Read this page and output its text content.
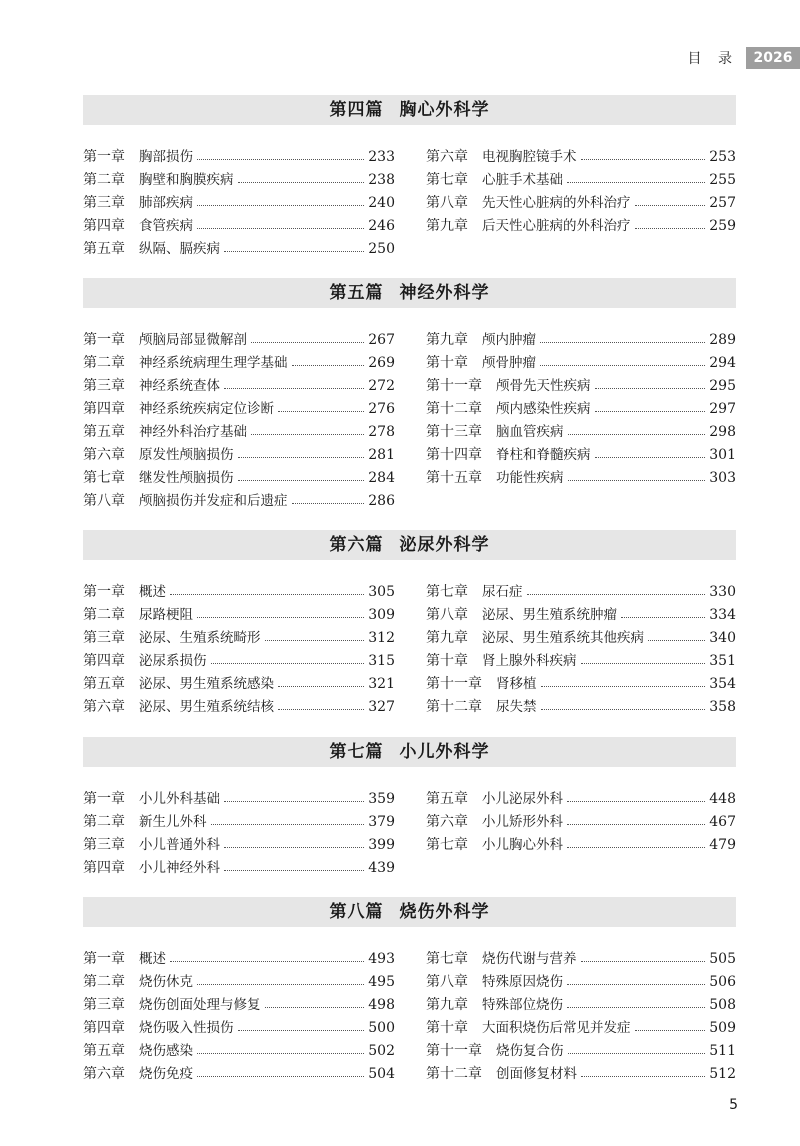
目 录	2026
第四篇 胸心外科学
第一章 胸部损伤	233
第二章 胸壁和胸膜疾病	238
第三章 肺部疾病	240
第四章 食管疾病	246
第五章 纵隔、膈疾病	250
第六章 电视胸腔镜手术	253
第七章 心脏手术基础	255
第八章 先天性心脏病的外科治疗	257
第九章 后天性心脏病的外科治疗	259
第五篇 神经外科学
第一章 颅脑局部显微解剖	267
第二章 神经系统病理生理学基础	269
第三章 神经系统查体	272
第四章 神经系统疾病定位诊断	276
第五章 神经外科治疗基础	278
第六章 原发性颅脑损伤	281
第七章 继发性颅脑损伤	284
第八章 颅脑损伤并发症和后遗症	286
第九章 颅内肿瘤	289
第十章 颅骨肿瘤	294
第十一章 颅骨先天性疾病	295
第十二章 颅内感染性疾病	297
第十三章 脑血管疾病	298
第十四章 脊柱和脊髓疾病	301
第十五章 功能性疾病	303
第六篇 泌尿外科学
第一章 概述	305
第二章 尿路梗阻	309
第三章 泌尿、生殖系统畸形	312
第四章 泌尿系损伤	315
第五章 泌尿、男生殖系统感染	321
第六章 泌尿、男生殖系统结核	327
第七章 尿石症	330
第八章 泌尿、男生殖系统肿瘤	334
第九章 泌尿、男生殖系统其他疾病	340
第十章 肾上腺外科疾病	351
第十一章 肾移植	354
第十二章 尿失禁	358
第七篇 小儿外科学
第一章 小儿外科基础	359
第二章 新生儿外科	379
第三章 小儿普通外科	399
第四章 小儿神经外科	439
第五章 小儿泌尿外科	448
第六章 小儿矫形外科	467
第七章 小儿胸心外科	479
第八篇 烧伤外科学
第一章 概述	493
第二章 烧伤休克	495
第三章 烧伤创面处理与修复	498
第四章 烧伤吸入性损伤	500
第五章 烧伤感染	502
第六章 烧伤免疫	504
第七章 烧伤代谢与营养	505
第八章 特殊原因烧伤	506
第九章 特殊部位烧伤	508
第十章 大面积烧伤后常见并发症	509
第十一章 烧伤复合伤	511
第十二章 创面修复材料	512
5
